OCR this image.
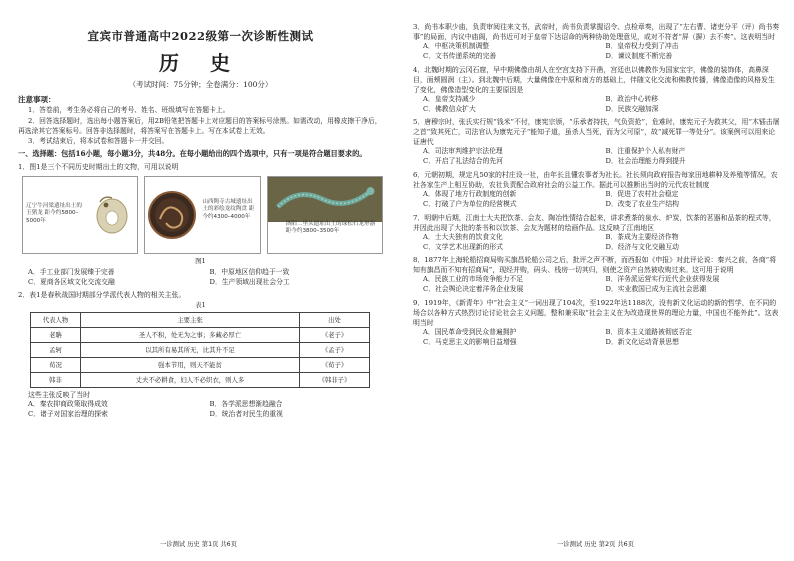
宜宾市普通高中2022级第一次诊断性测试
历 史
（考试时间：75分钟；全卷满分：100分）
注意事项：
1．答卷前，考生务必将自己的考号、姓名、班级填写在答题卡上。
2．回答选择题时，选出每小题答案后，用2B铅笔把答题卡上对应题目的答案标号涂黑。如需改动，用橡皮擦干净后，再选涂其它答案标号。回答非选择题时，将答案写在答题卡上。写在本试卷上无效。
3．考试结束后，将本试卷和答题卡一并交回。
一、选择题：包括16小题，每小题3分，共48分。在每小题给出的四个选项中，只有一项是符合题目要求的。
1．图1是三个不同历史时期出土的文物，可用以说明
辽宁牛河梁遗址出土的玉猪龙 距今约5800–5000年
山西陶寺古城遗址出土的彩绘龙纹陶盘 距今约4300–4000年
洛阳二里头遗址出土的绿松石龙形器 距今约3800–3500年
图1
A．手工业部门发展臻于完善	B．中原地区信仰趋于一致
C．夏商各区域文化交流交融	D．生产领域出现社会分工
2．表1是春秋战国时期部分学派代表人物的相关主张。
表1
代表人物	主要主张	出处
老聃	圣人不积，处无为之事；多藏必厚亡	《老子》
孟轲	以其所有易其所无，比其升不足	《孟子》
荀况	强本节用，则天不能贫	《荀子》
韩非	丈夫不必耕食，妇人不必织衣，则人多	《韩非子》
这些主张反映了当时
A．秦农抑商政策取得成效	B．各学派思想渐趋融合
C．诸子对国家治理的探索	D．统治者对民生的重视
一诊测试 历史 第1页 共6页
3．尚书本职少庙，负责审阅往来文书，武帝时，尚书负责掌握诏令、点检章奏，出现了“左右曹、诸吏分平（评）尚书奏事”的局面，内议中庙阁，尚书近可对于皇帝下达诏命的两种协助处理意见，或对不符者“屏（摒）去不奏”。这表明当时
A．中枢决策机制调整	B．皇帝权力受到了冲击
C．文书传递系统的完善	D．谏议制度不断完善
4．北魏时期的云冈石窟，早中期佛像由胡人在空宫支持下开凿，宫廷也以佛教作为国家宝宇，佛像的装饰体，高鼻深目，面颊圆润（主）。到北魏中后期，大量佛像在中原和南方的基础上，伴随文化交流和佛教传播，佛像造像的风格发生了变化，佛像造型变化的主要原因是
A．皇帝支持减少	B．政治中心转移
C．佛教信众扩大	D．民族交融加深
5．唐穆宗时，张氏实行规“钱米”不付，康宪宗颁，“乐承者持扶，气负资抢”，危难时，康宪元子为救其父，用“木锸击屠之首”致其死亡，司法官认为康宪元子“能知子道，虽杀人当死，而为父可原”，故“减死罪一等处分”。该案例可以用来论证唐代
A．司法审判维护宗法伦理	B．注重保护个人私有财产
C．开启了礼法结合的先河	D．社会治理能力得到提升
6．元朝初期，规定凡50家的村庄设一社，由年长且懂农事者为社长。社长须向政府报告每家田地耕种及养殖等情况，农社各家生产上相互协助，农社负责配合政府社会的公益工作。据此可以推断出当时的元代农社制度
A．体现了地方行政制度的创新	B．促进了农村社会稳定
C．打破了户为单位的经营模式	D．改变了农业生产结构
7．明朝中后期，江南士大夫把饮茶、会友、陶冶性情结合起来，讲求煮茶的泉水、炉炭，饮茶的茗器和品茶的程式等，并因此出现了大批的茶书和以饮茶、会友为题材的绘画作品。这反映了江南地区
A．士大夫独有的饮食文化	B．茶成为主要经济作物
C．文学艺术出现新的形式	D．经济与文化交融互动
8．1877年上海轮船招商局购买旗昌轮船公司之后，批评之声不断，而西报如《申报》对此评论说：秦兴之前，各商“将知有旗昌而不知有招商局”，现经并购，码头、栈房一切其归，则使之资产自然被收购过来。这可用于说明
A．民族工业的市场竞争能力不足	B．洋务派运营实行近代企业获得发展
C．社会舆论决定着洋务企业发展	D．实业救国已成为主流社会思潮
9．1919年，《新青年》中“社会主义”一词出现了104次，至1922年达1188次，没有新文化运动的新的哲学，在不同的场合以各种方式热烈讨论讨论社会主义问题，整和兼采取“社会主义在为改造现世界的理论力量，中国也不能外此”。这表明当时
A．国民革命受到民众普遍拥护	B．资本主义道路被彻底否定
C．马克思主义的影响日益增强	D．新文化运动背景思想
一诊测试 历史 第2页 共6页
